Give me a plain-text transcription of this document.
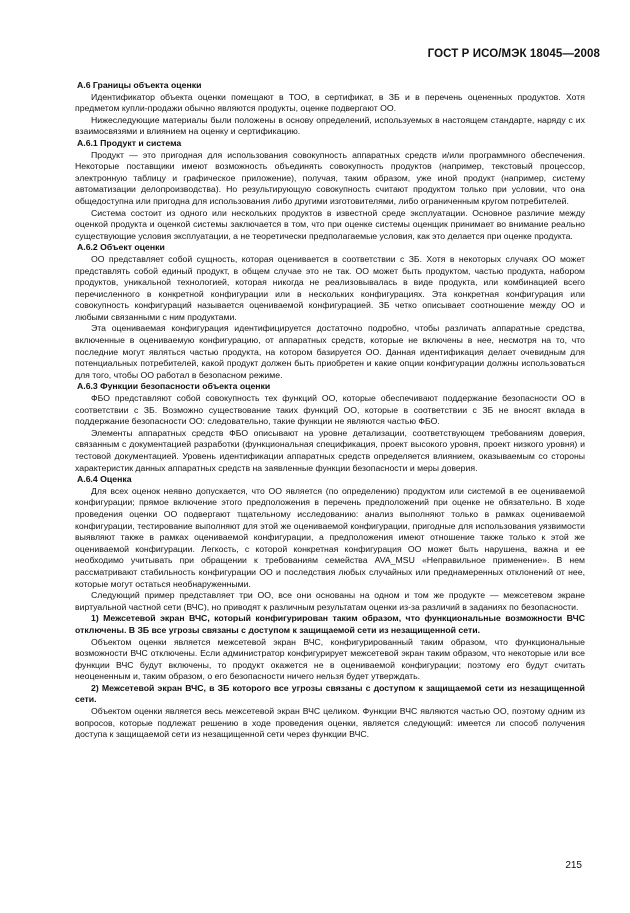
ГОСТ Р ИСО/МЭК 18045—2008
А.6 Границы объекта оценки

Идентификатор объекта оценки помещают в ТОО, в сертификат, в ЗБ и в перечень оцененных продуктов. Хотя предметом купли-продажи обычно являются продукты, оценке подвергают ОО.

Нижеследующие материалы были положены в основу определений, используемых в настоящем стандарте, наряду с их взаимосвязями и влиянием на оценку и сертификацию.

А.6.1 Продукт и система

Продукт — это пригодная для использования совокупность аппаратных средств и/или программного обеспечения. Некоторые поставщики имеют возможность объединять совокупность продуктов (например, текстовый процессор, электронную таблицу и графическое приложение), получая, таким образом, уже иной продукт (например, систему автоматизации делопроизводства). Но результирующую совокупность считают продуктом только при условии, что она общедоступна или пригодна для использования либо другими изготовителями, либо ограниченным кругом потребителей.

Система состоит из одного или нескольких продуктов в известной среде эксплуатации. Основное различие между оценкой продукта и оценкой системы заключается в том, что при оценке системы оценщик принимает во внимание реально существующие условия эксплуатации, а не теоретически предполагаемые условия, как это делается при оценке продукта.

А.6.2 Объект оценки

ОО представляет собой сущность, которая оценивается в соответствии с ЗБ. Хотя в некоторых случаях ОО может представлять собой единый продукт, в общем случае это не так. ОО может быть продуктом, частью продукта, набором продуктов, уникальной технологией, которая никогда не реализовывалась в виде продукта, или комбинацией всего перечисленного в конкретной конфигурации или в нескольких конфигурациях. Эта конкретная конфигурация или совокупность конфигураций называется оцениваемой конфигурацией. ЗБ четко описывает соотношение между ОО и любыми связанными с ним продуктами.

Эта оцениваемая конфигурация идентифицируется достаточно подробно, чтобы различать аппаратные средства, включенные в оцениваемую конфигурацию, от аппаратных средств, которые не включены в нее, несмотря на то, что последние могут являться частью продукта, на котором базируется ОО. Данная идентификация делает очевидным для потенциальных потребителей, какой продукт должен быть приобретен и какие опции конфигурации должны использоваться для того, чтобы ОО работал в безопасном режиме.

А.6.3 Функции безопасности объекта оценки

ФБО представляют собой совокупность тех функций ОО, которые обеспечивают поддержание безопасности ОО в соответствии с ЗБ. Возможно существование таких функций ОО, которые в соответствии с ЗБ не вносят вклада в поддержание безопасности ОО: следовательно, такие функции не являются частью ФБО.

Элементы аппаратных средств ФБО описывают на уровне детализации, соответствующем требованиям доверия, связанным с документацией разработки (функциональная спецификация, проект высокого уровня, проект низкого уровня) и тестовой документацией. Уровень идентификации аппаратных средств определяется влиянием, оказываемым со стороны характеристик данных аппаратных средств на заявленные функции безопасности и меры доверия.

А.6.4 Оценка

Для всех оценок неявно допускается, что ОО является (по определению) продуктом или системой в ее оцениваемой конфигурации; прямое включение этого предположения в перечень предположений при оценке не обязательно. В ходе проведения оценки ОО подвергают тщательному исследованию: анализ выполняют только в рамках оцениваемой конфигурации, тестирование выполняют для этой же оцениваемой конфигурации, пригодные для использования уязвимости выявляют также в рамках оцениваемой конфигурации, а предположения имеют отношение также только к этой же оцениваемой конфигурации. Легкость, с которой конкретная конфигурация ОО может быть нарушена, важна и ее необходимо учитывать при обращении к требованиям семейства AVA_MSU «Неправильное применение». В нем рассматривают стабильность конфигурации ОО и последствия любых случайных или преднамеренных отклонений от нее, которые могут остаться необнаруженными.

Следующий пример представляет три ОО, все они основаны на одном и том же продукте — межсетевом экране виртуальной частной сети (ВЧС), но приводят к различным результатам оценки из-за различий в заданиях по безопасности.

1) Межсетевой экран ВЧС, который конфигурирован таким образом, что функциональные возможности ВЧС отключены. В ЗБ все угрозы связаны с доступом к защищаемой сети из незащищенной сети.

Объектом оценки является межсетевой экран ВЧС, конфигурированный таким образом, что функциональные возможности ВЧС отключены. Если администратор конфигурирует межсетевой экран таким образом, что некоторые или все функции ВЧС будут включены, то продукт окажется не в оцениваемой конфигурации; поэтому его будут считать неоцененным и, таким образом, о его безопасности ничего нельзя будет утверждать.

2) Межсетевой экран ВЧС, в ЗБ которого все угрозы связаны с доступом к защищаемой сети из незащищенной сети.

Объектом оценки является весь межсетевой экран ВЧС целиком. Функции ВЧС являются частью ОО, поэтому одним из вопросов, которые подлежат решению в ходе проведения оценки, является следующий: имеется ли способ получения доступа к защищаемой сети из незащищенной сети через функции ВЧС.

215
